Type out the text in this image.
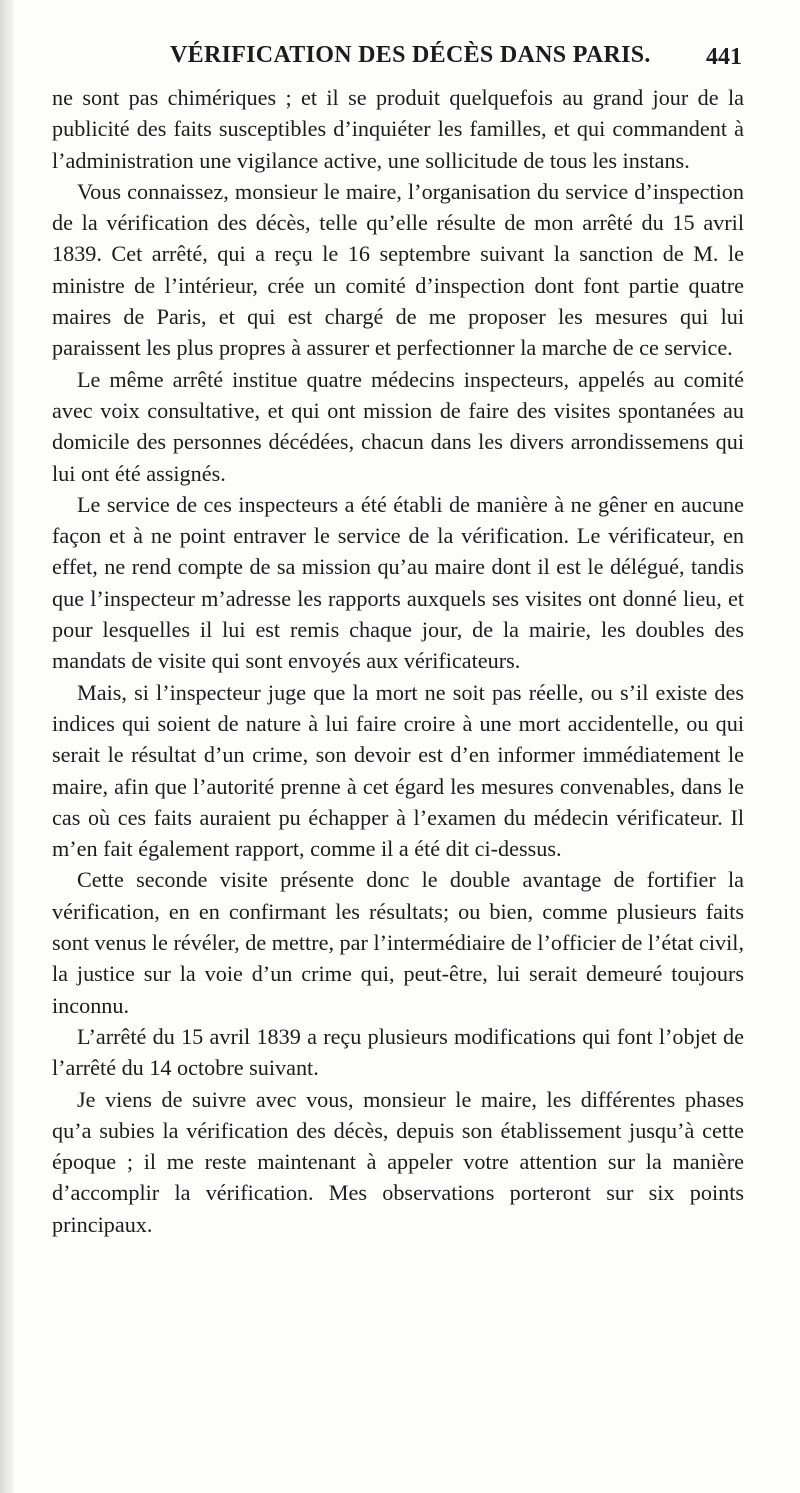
VÉRIFICATION DES DÉCÈS DANS PARIS. 441

ne sont pas chimériques ; et il se produit quelquefois au grand jour de la publicité des faits susceptibles d’inquiéter les familles, et qui commandent à l’administration une vigilance active, une sollicitude de tous les instans.

Vous connaissez, monsieur le maire, l’organisation du service d’inspection de la vérification des décès, telle qu’elle résulte de mon arrêté du 15 avril 1839. Cet arrêté, qui a reçu le 16 septembre suivant la sanction de M. le ministre de l’intérieur, crée un comité d’inspection dont font partie quatre maires de Paris, et qui est chargé de me proposer les mesures qui lui paraissent les plus propres à assurer et perfectionner la marche de ce service.

Le même arrêté institue quatre médecins inspecteurs, appelés au comité avec voix consultative, et qui ont mission de faire des visites spontanées au domicile des personnes décédées, chacun dans les divers arrondissemens qui lui ont été assignés.

Le service de ces inspecteurs a été établi de manière à ne gêner en aucune façon et à ne point entraver le service de la vérification. Le vérificateur, en effet, ne rend compte de sa mission qu’au maire dont il est le délégué, tandis que l’inspecteur m’adresse les rapports auxquels ses visites ont donné lieu, et pour lesquelles il lui est remis chaque jour, de la mairie, les doubles des mandats de visite qui sont envoyés aux vérificateurs.

Mais, si l’inspecteur juge que la mort ne soit pas réelle, ou s’il existe des indices qui soient de nature à lui faire croire à une mort accidentelle, ou qui serait le résultat d’un crime, son devoir est d’en informer immédiatement le maire, afin que l’autorité prenne à cet égard les mesures convenables, dans le cas où ces faits auraient pu échapper à l’examen du médecin vérificateur. Il m’en fait également rapport, comme il a été dit ci-dessus.

Cette seconde visite présente donc le double avantage de fortifier la vérification, en en confirmant les résultats; ou bien, comme plusieurs faits sont venus le révéler, de mettre, par l’intermédiaire de l’officier de l’état civil, la justice sur la voie d’un crime qui, peut-être, lui serait demeuré toujours inconnu.

L’arrêté du 15 avril 1839 a reçu plusieurs modifications qui font l’objet de l’arrêté du 14 octobre suivant.

Je viens de suivre avec vous, monsieur le maire, les différentes phases qu’a subies la vérification des décès, depuis son établissement jusqu’à cette époque ; il me reste maintenant à appeler votre attention sur la manière d’accomplir la vérification. Mes observations porteront sur six points principaux.
